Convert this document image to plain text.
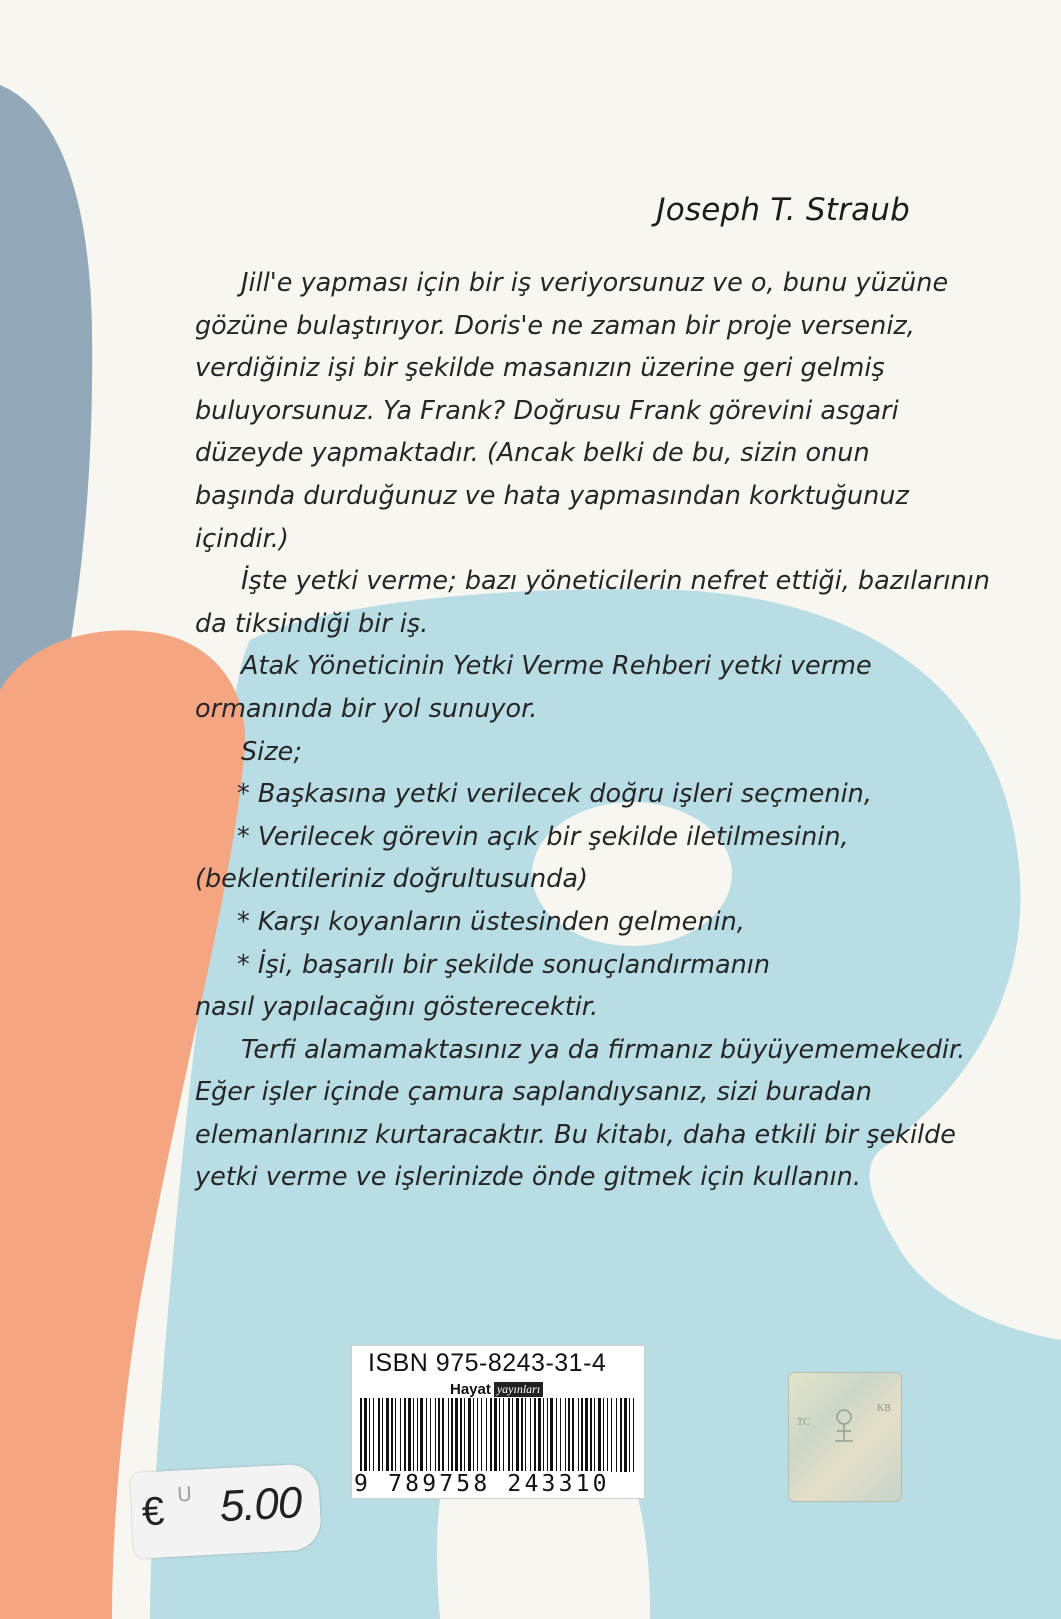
Joseph T. Straub
Jill'e yapması için bir iş veriyorsunuz ve o, bunu yüzüne
gözüne bulaştırıyor. Doris'e ne zaman bir proje verseniz,
verdiğiniz işi bir şekilde masanızın üzerine geri gelmiş
buluyorsunuz. Ya Frank? Doğrusu Frank görevini asgari
düzeyde yapmaktadır. (Ancak belki de bu, sizin onun
başında durduğunuz ve hata yapmasından korktuğunuz
içindir.)
İşte yetki verme; bazı yöneticilerin nefret ettiği, bazılarının
da tiksindiği bir iş.
Atak Yöneticinin Yetki Verme Rehberi yetki verme
ormanında bir yol sunuyor.
Size;
* Başkasına yetki verilecek doğru işleri seçmenin,
* Verilecek görevin açık bir şekilde iletilmesinin,
(beklentileriniz doğrultusunda)
* Karşı koyanların üstesinden gelmenin,
* İşi, başarılı bir şekilde sonuçlandırmanın
nasıl yapılacağını gösterecektir.
Terfi alamamaktasınız ya da firmanız büyüyememekedir.
Eğer işler içinde çamura saplandıysanız, sizi buradan
elemanlarınız kurtaracaktır. Bu kitabı, daha etkili bir şekilde
yetki verme ve işlerinizde önde gitmek için kullanın.
ISBN 975-8243-31-4
Hayat yayınları
9 789758 243310
€ U 5.00
TC
KB
